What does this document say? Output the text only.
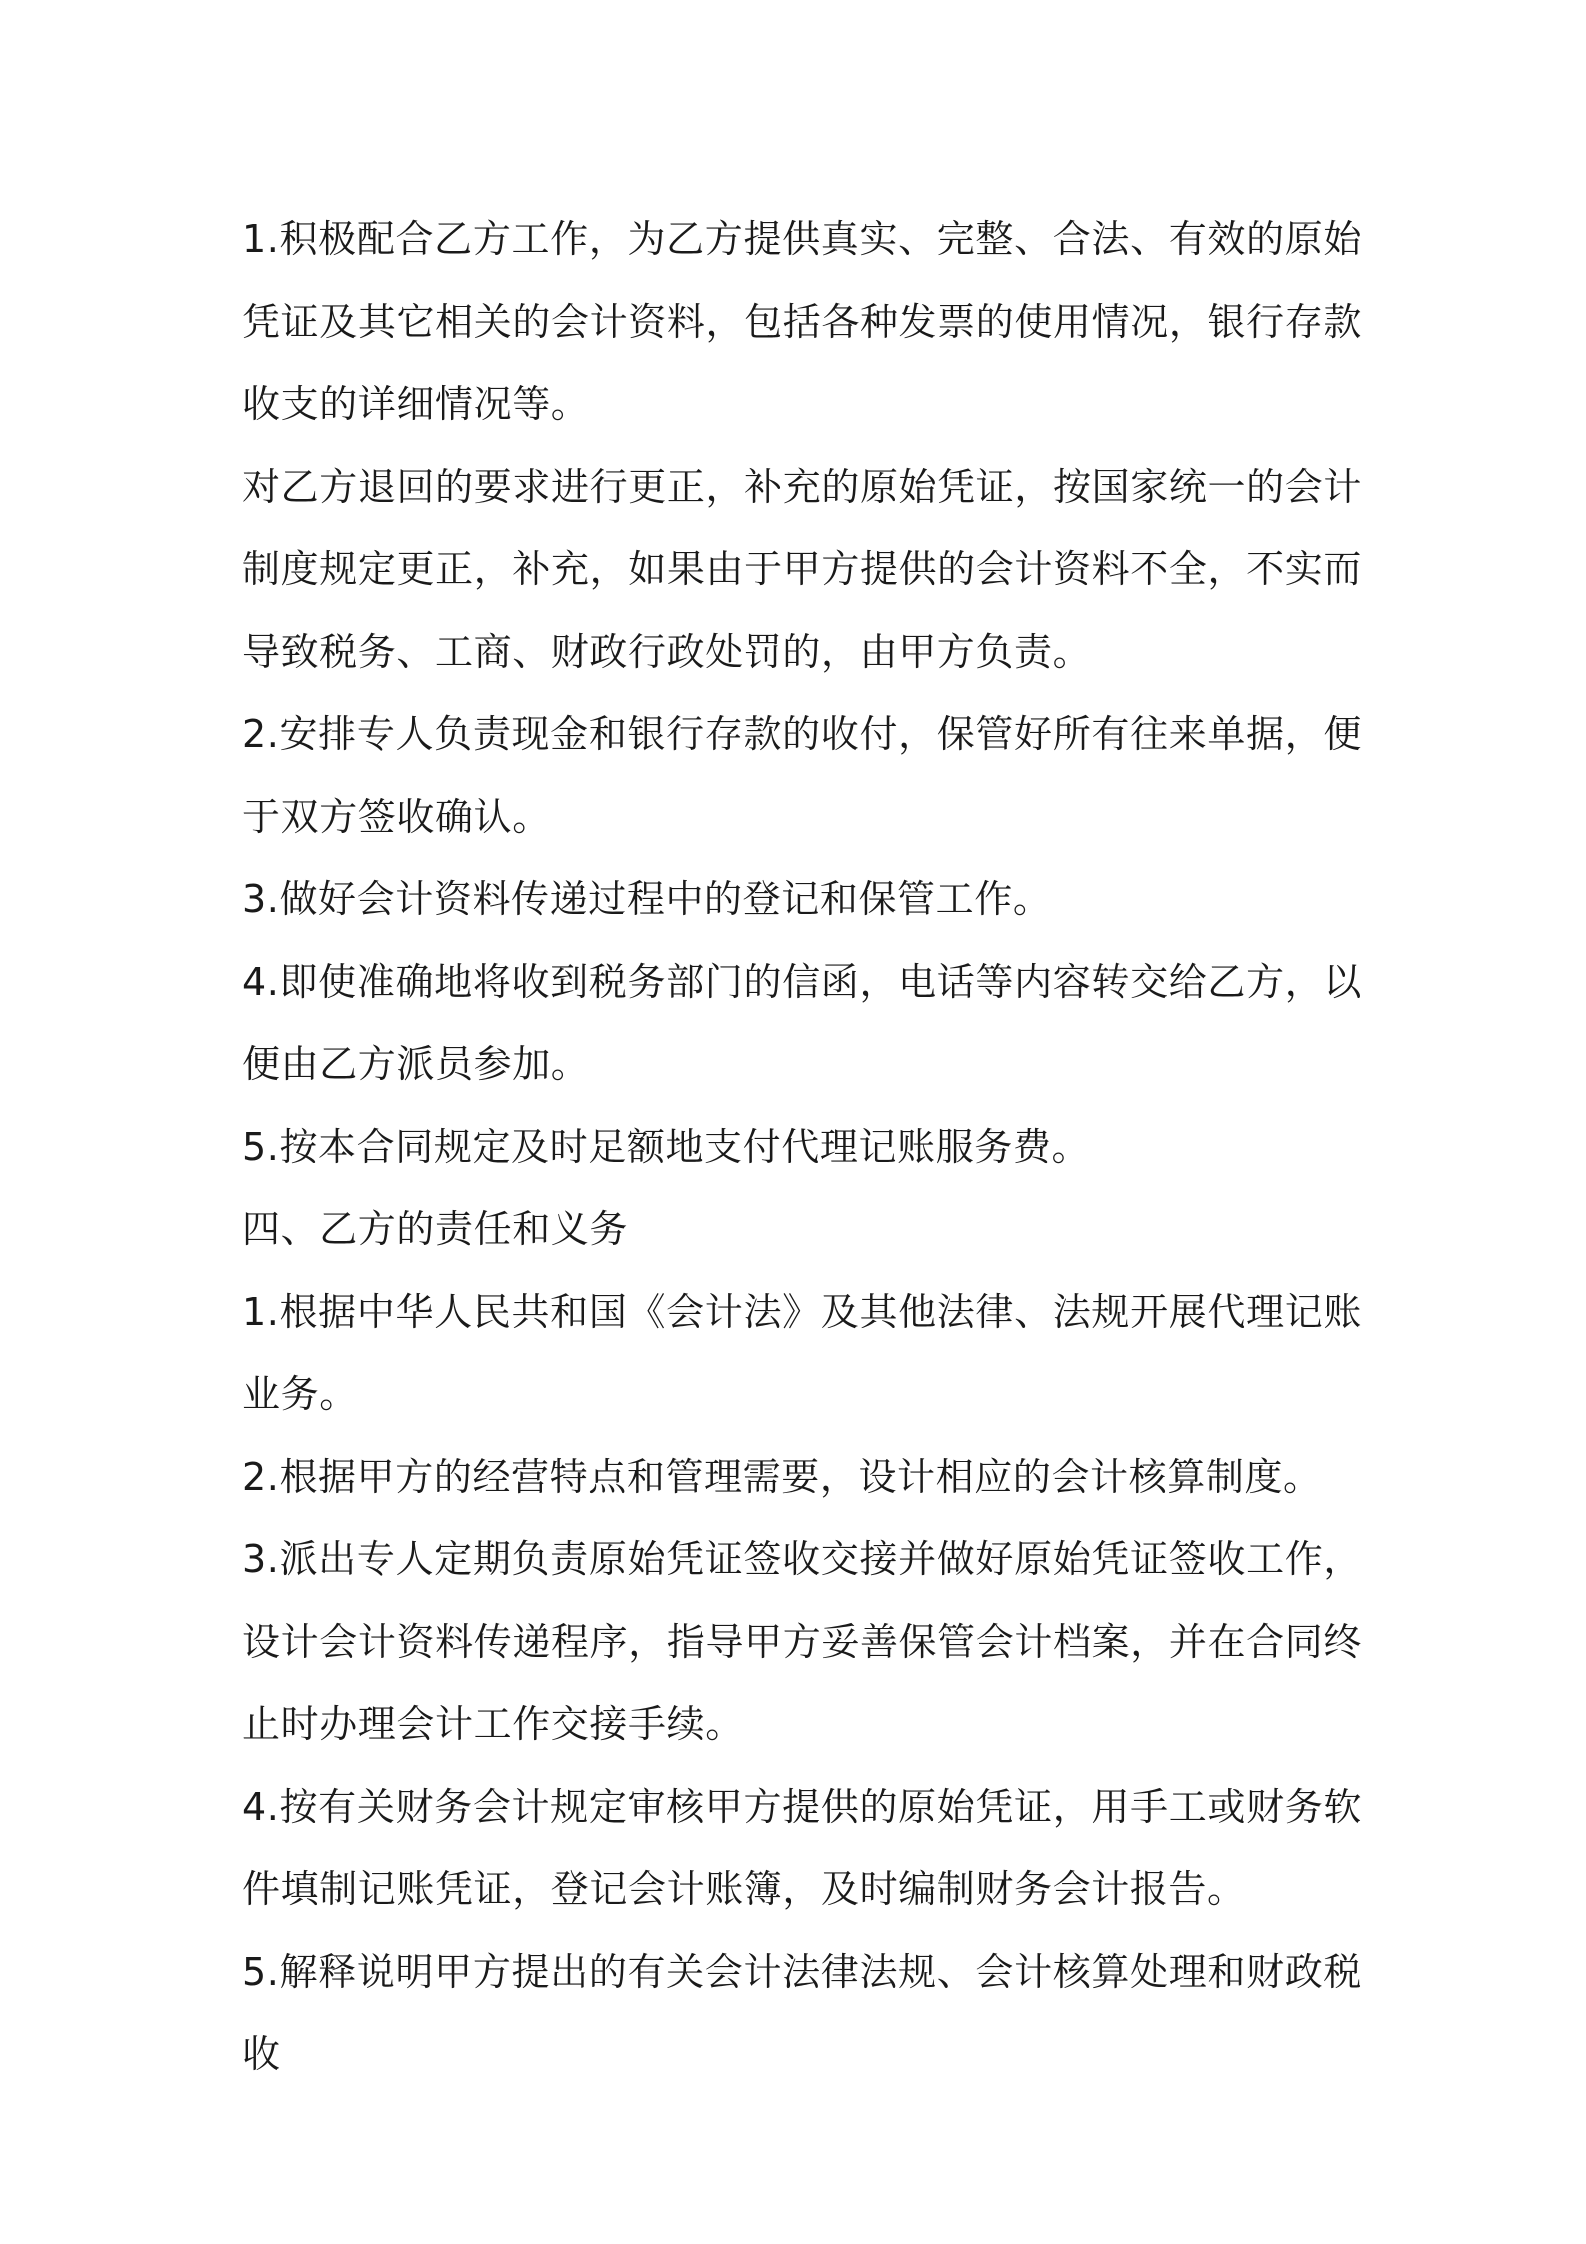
1.积极配合乙方工作，为乙方提供真实、完整、合法、有效的原始凭证及其它相关的会计资料，包括各种发票的使用情况，银行存款收支的详细情况等。

对乙方退回的要求进行更正，补充的原始凭证，按国家统一的会计制度规定更正，补充，如果由于甲方提供的会计资料不全，不实而导致税务、工商、财政行政处罚的，由甲方负责。

2.安排专人负责现金和银行存款的收付，保管好所有往来单据，便于双方签收确认。

3.做好会计资料传递过程中的登记和保管工作。

4.即使准确地将收到税务部门的信函，电话等内容转交给乙方，以便由乙方派员参加。

5.按本合同规定及时足额地支付代理记账服务费。

四、乙方的责任和义务

1.根据中华人民共和国《会计法》及其他法律、法规开展代理记账业务。

2.根据甲方的经营特点和管理需要，设计相应的会计核算制度。

3.派出专人定期负责原始凭证签收交接并做好原始凭证签收工作，设计会计资料传递程序，指导甲方妥善保管会计档案，并在合同终止时办理会计工作交接手续。

4.按有关财务会计规定审核甲方提供的原始凭证，用手工或财务软件填制记账凭证，登记会计账簿，及时编制财务会计报告。

5.解释说明甲方提出的有关会计法律法规、会计核算处理和财政税收
